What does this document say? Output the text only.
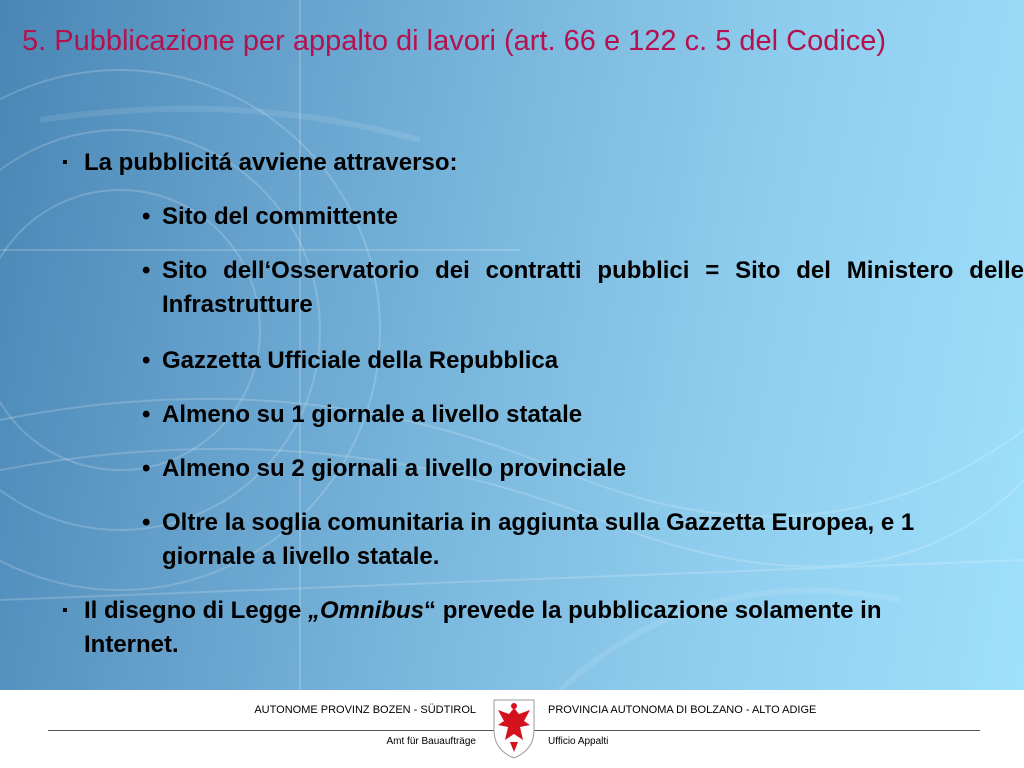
5. Pubblicazione per appalto di lavori (art. 66 e 122 c. 5 del Codice)
▪ La pubblicitá avviene attraverso:
• Sito del committente
• Sito dell‘Osservatorio dei contratti pubblici = Sito del Ministero delle Infrastrutture
• Gazzetta Ufficiale della Repubblica
• Almeno su 1 giornale a livello statale
• Almeno su 2 giornali a livello provinciale
• Oltre la soglia comunitaria in aggiunta sulla Gazzetta Europea, e 1 giornale a livello statale.
▪ Il disegno di Legge „Omnibus“ prevede la pubblicazione solamente in Internet.
AUTONOME PROVINZ BOZEN - SÜDTIROL	PROVINCIA AUTONOMA DI BOLZANO - ALTO ADIGE
Amt für Bauaufträge	Ufficio Appalti
